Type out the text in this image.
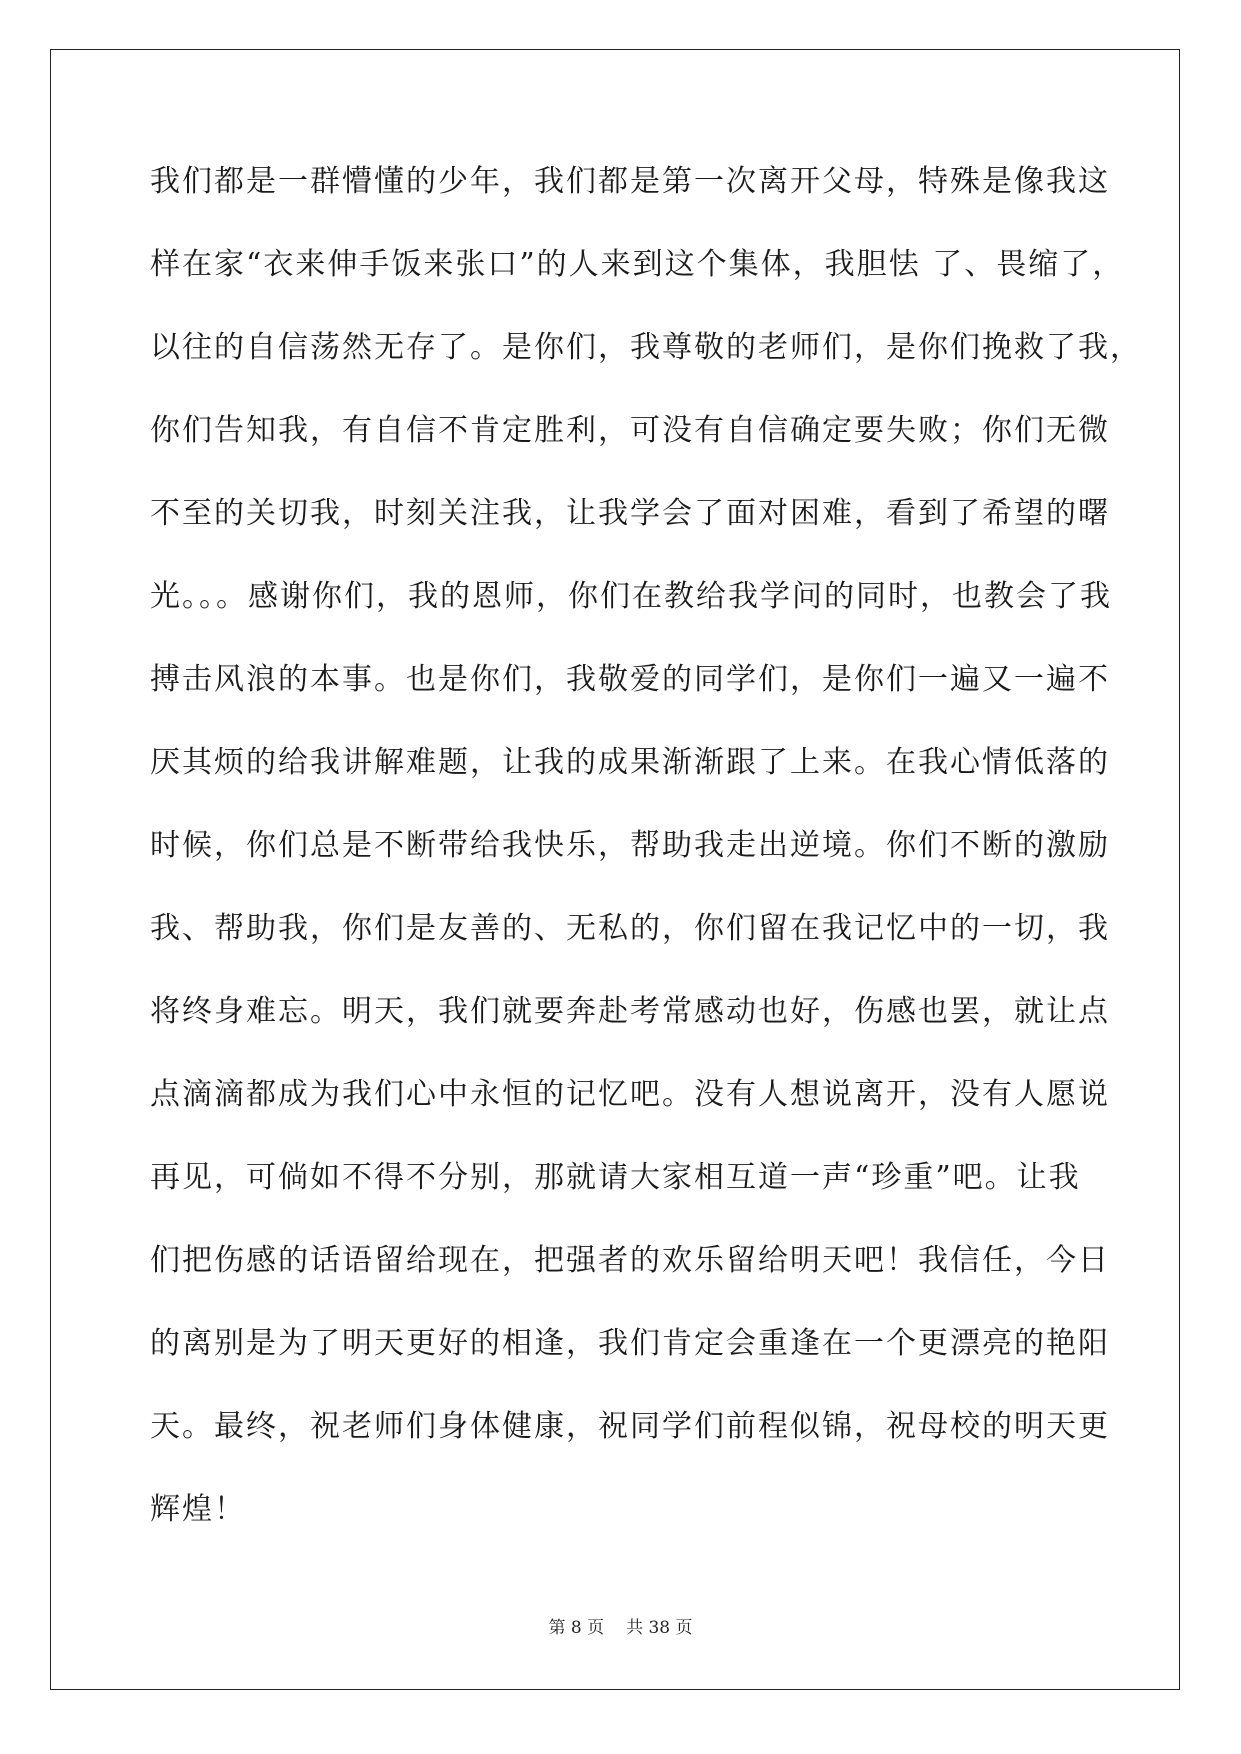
我们都是一群懵懂的少年，我们都是第一次离开父母，特殊是像我这
样在家“衣来伸手饭来张口”的人来到这个集体，我胆怯 了、畏缩了，
以往的自信荡然无存了。是你们，我尊敬的老师们，是你们挽救了我，
你们告知我，有自信不肯定胜利，可没有自信确定要失败；你们无微
不至的关切我，时刻关注我，让我学会了面对困难，看到了希望的曙
光。。。感谢你们，我的恩师，你们在教给我学问的同时，也教会了我
搏击风浪的本事。也是你们，我敬爱的同学们，是你们一遍又一遍不
厌其烦的给我讲解难题，让我的成果渐渐跟了上来。在我心情低落的
时候，你们总是不断带给我快乐，帮助我走出逆境。你们不断的激励
我、帮助我，你们是友善的、无私的，你们留在我记忆中的一切，我
将终身难忘。明天，我们就要奔赴考常感动也好，伤感也罢，就让点
点滴滴都成为我们心中永恒的记忆吧。没有人想说离开，没有人愿说
再见，可倘如不得不分别，那就请大家相互道一声“珍重”吧。让我
们把伤感的话语留给现在，把强者的欢乐留给明天吧！我信任，今日
的离别是为了明天更好的相逢，我们肯定会重逢在一个更漂亮的艳阳
天。最终，祝老师们身体健康，祝同学们前程似锦，祝母校的明天更
辉煌！
第 8 页 共 38 页
